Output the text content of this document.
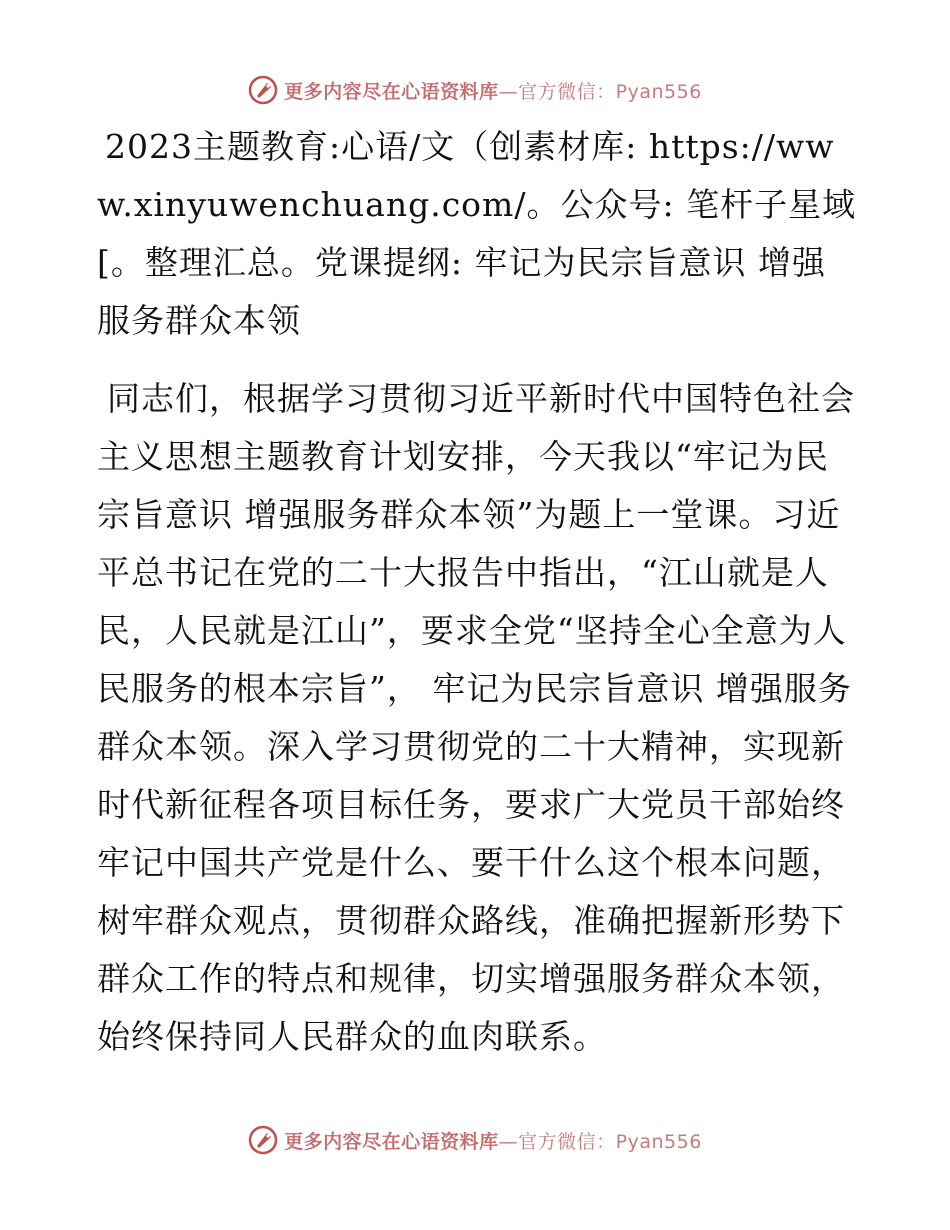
更多内容尽在心语资料库—官方微信：Pyan556

2023主题教育:心语/文（创素材库: https://www.xinyuwenchuang.com/。公众号: 笔杆子星域[。整理汇总。党课提纲: 牢记为民宗旨意识 增强服务群众本领

同志们，根据学习贯彻习近平新时代中国特色社会主义思想主题教育计划安排，今天我以“牢记为民宗旨意识 增强服务群众本领”为题上一堂课。习近平总书记在党的二十大报告中指出，“江山就是人民，人民就是江山”，要求全党“坚持全心全意为人民服务的根本宗旨”， 牢记为民宗旨意识 增强服务群众本领。深入学习贯彻党的二十大精神，实现新时代新征程各项目标任务，要求广大党员干部始终牢记中国共产党是什么、要干什么这个根本问题，树牢群众观点，贯彻群众路线，准确把握新形势下群众工作的特点和规律，切实增强服务群众本领，始终保持同人民群众的血肉联系。

更多内容尽在心语资料库—官方微信：Pyan556
